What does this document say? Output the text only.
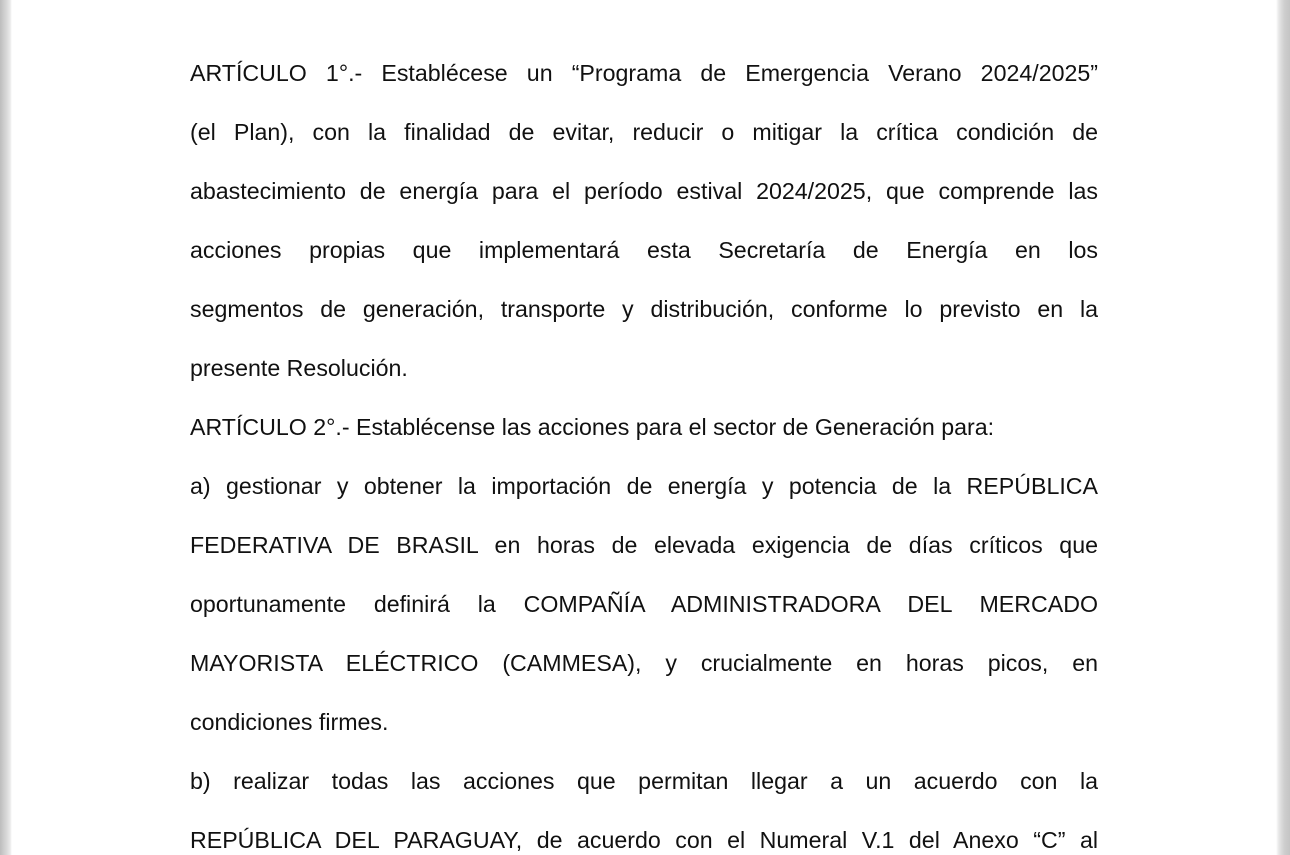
ARTÍCULO 1°.- Establécese un “Programa de Emergencia Verano 2024/2025”
(el Plan), con la finalidad de evitar, reducir o mitigar la crítica condición de
abastecimiento de energía para el período estival 2024/2025, que comprende las
acciones propias que implementará esta Secretaría de Energía en los
segmentos de generación, transporte y distribución, conforme lo previsto en la
presente Resolución.
ARTÍCULO 2°.- Establécense las acciones para el sector de Generación para:
a) gestionar y obtener la importación de energía y potencia de la REPÚBLICA
FEDERATIVA DE BRASIL en horas de elevada exigencia de días críticos que
oportunamente definirá la COMPAÑÍA ADMINISTRADORA DEL MERCADO
MAYORISTA ELÉCTRICO (CAMMESA), y crucialmente en horas picos, en
condiciones firmes.
b) realizar todas las acciones que permitan llegar a un acuerdo con la
REPÚBLICA DEL PARAGUAY, de acuerdo con el Numeral V.1 del Anexo “C” al
